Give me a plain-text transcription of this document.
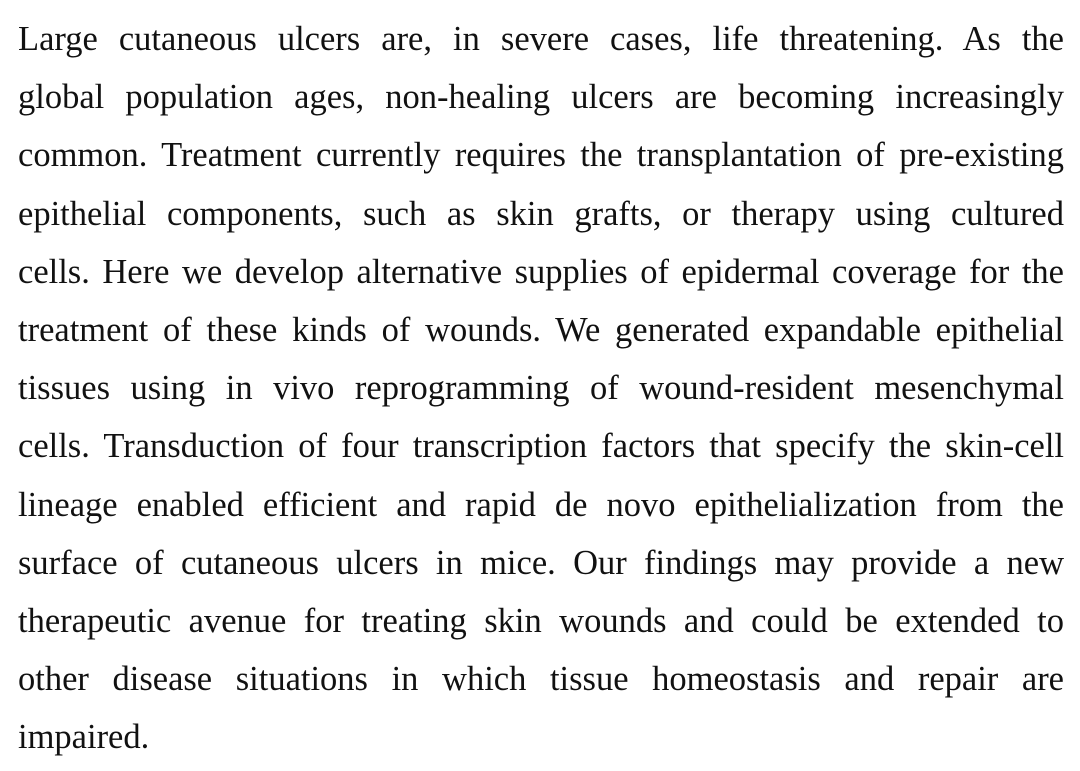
Large cutaneous ulcers are, in severe cases, life threatening. As the
global population ages, non-healing ulcers are becoming increasingly
common. Treatment currently requires the transplantation of pre-existing
epithelial components, such as skin grafts, or therapy using cultured
cells. Here we develop alternative supplies of epidermal coverage for the
treatment of these kinds of wounds. We generated expandable epithelial
tissues using in vivo reprogramming of wound-resident mesenchymal
cells. Transduction of four transcription factors that specify the skin-cell
lineage enabled efficient and rapid de novo epithelialization from the
surface of cutaneous ulcers in mice. Our findings may provide a new
therapeutic avenue for treating skin wounds and could be extended to
other disease situations in which tissue homeostasis and repair are
impaired.
